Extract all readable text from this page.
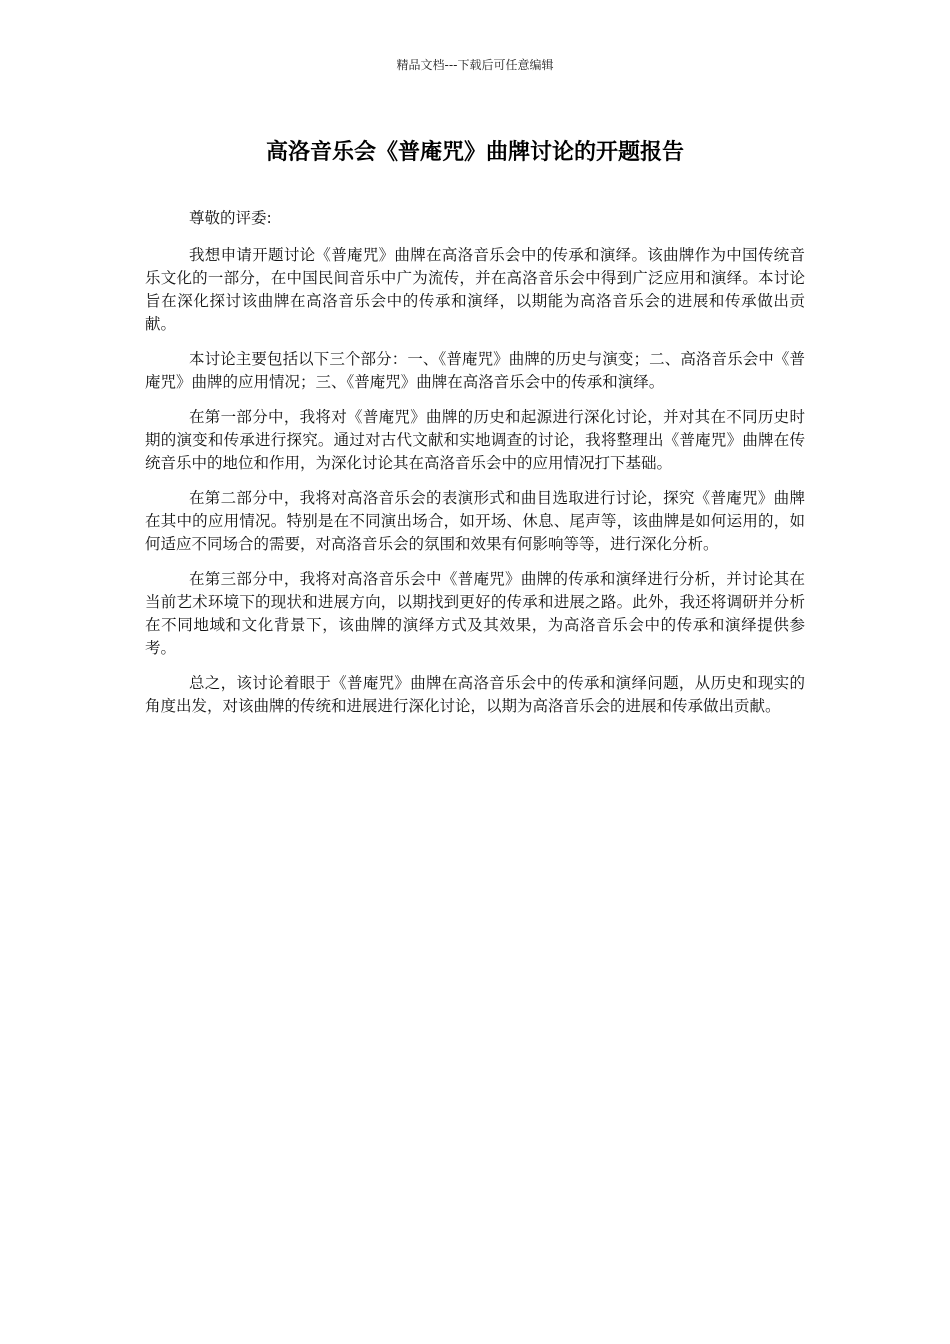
精品文档---下载后可任意编辑
高洛音乐会《普庵咒》曲牌讨论的开题报告

尊敬的评委:

我想申请开题讨论《普庵咒》曲牌在高洛音乐会中的传承和演绎。该曲牌作为中国传统音乐文化的一部分，在中国民间音乐中广为流传，并在高洛音乐会中得到广泛应用和演绎。本讨论旨在深化探讨该曲牌在高洛音乐会中的传承和演绎，以期能为高洛音乐会的进展和传承做出贡献。

本讨论主要包括以下三个部分：一、《普庵咒》曲牌的历史与演变；二、高洛音乐会中《普庵咒》曲牌的应用情况；三、《普庵咒》曲牌在高洛音乐会中的传承和演绎。

在第一部分中，我将对《普庵咒》曲牌的历史和起源进行深化讨论，并对其在不同历史时期的演变和传承进行探究。通过对古代文献和实地调查的讨论，我将整理出《普庵咒》曲牌在传统音乐中的地位和作用，为深化讨论其在高洛音乐会中的应用情况打下基础。

在第二部分中，我将对高洛音乐会的表演形式和曲目选取进行讨论，探究《普庵咒》曲牌在其中的应用情况。特别是在不同演出场合，如开场、休息、尾声等，该曲牌是如何运用的，如何适应不同场合的需要，对高洛音乐会的氛围和效果有何影响等等，进行深化分析。

在第三部分中，我将对高洛音乐会中《普庵咒》曲牌的传承和演绎进行分析，并讨论其在当前艺术环境下的现状和进展方向，以期找到更好的传承和进展之路。此外，我还将调研并分析在不同地域和文化背景下，该曲牌的演绎方式及其效果，为高洛音乐会中的传承和演绎提供参考。

总之，该讨论着眼于《普庵咒》曲牌在高洛音乐会中的传承和演绎问题，从历史和现实的角度出发，对该曲牌的传统和进展进行深化讨论，以期为高洛音乐会的进展和传承做出贡献。
